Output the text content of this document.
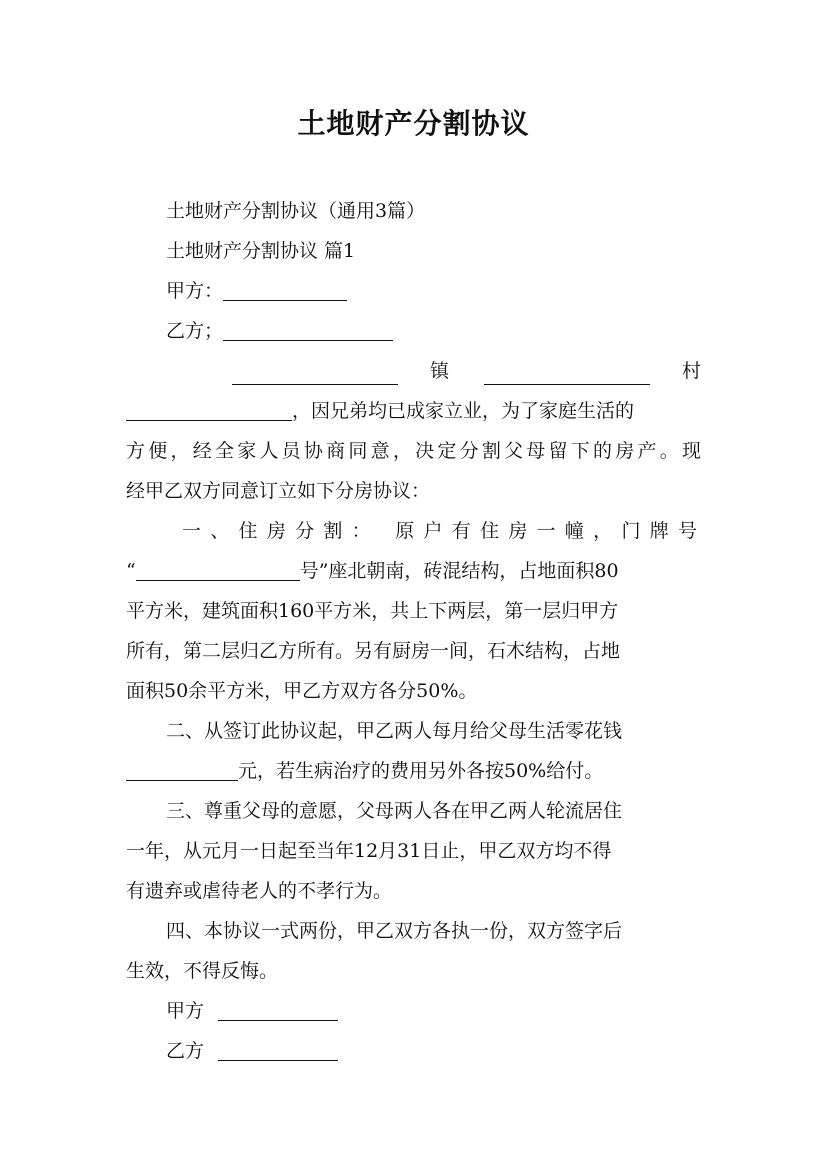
土地财产分割协议
土地财产分割协议（通用3篇）
土地财产分割协议 篇1
甲方：
乙方；
镇	村
，因兄弟均已成家立业，为了家庭生活的
方便，经全家人员协商同意，决定分割父母留下的房产。现
经甲乙双方同意订立如下分房协议：
一、住房分割： 原户有住房一幢，门牌号
“	号”座北朝南，砖混结构，占地面积80
平方米，建筑面积160平方米，共上下两层，第一层归甲方
所有，第二层归乙方所有。另有厨房一间，石木结构，占地
面积50余平方米，甲乙方双方各分50%。
二、从签订此协议起，甲乙两人每月给父母生活零花钱
元，若生病治疗的费用另外各按50%给付。
三、尊重父母的意愿，父母两人各在甲乙两人轮流居住
一年，从元月一日起至当年12月31日止，甲乙双方均不得
有遗弃或虐待老人的不孝行为。
四、本协议一式两份，甲乙双方各执一份，双方签字后
生效，不得反悔。
甲方
乙方
